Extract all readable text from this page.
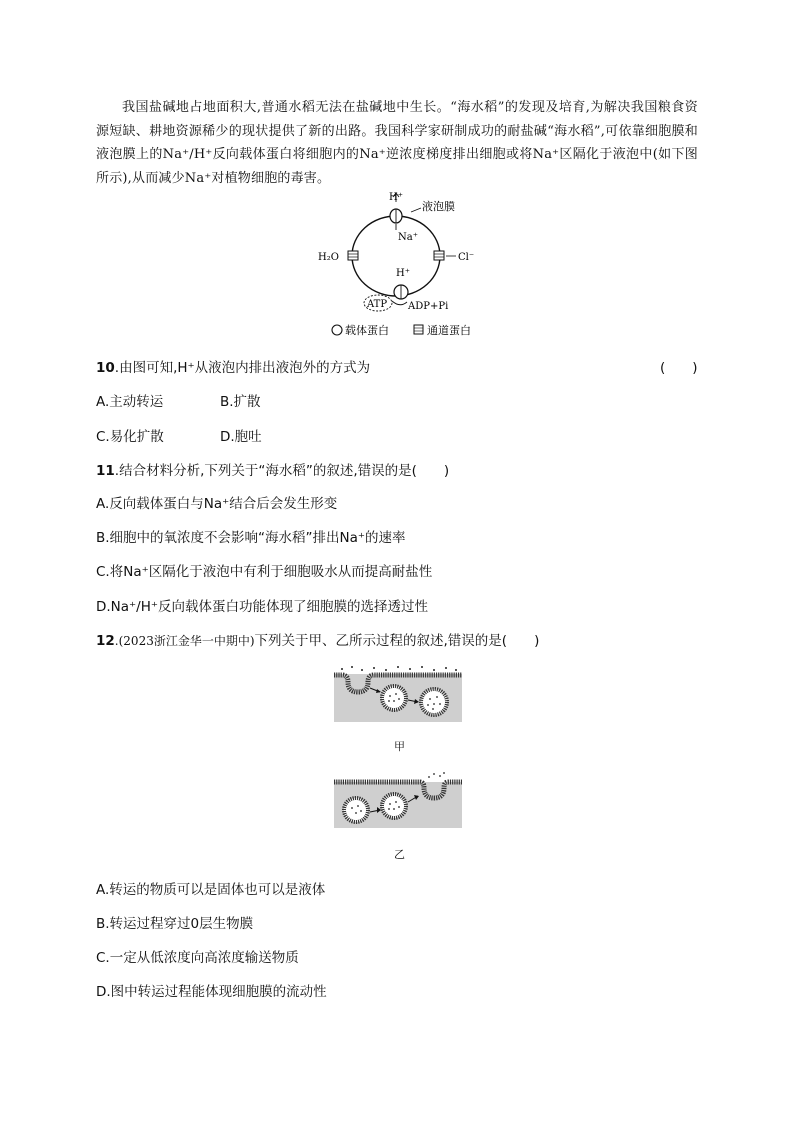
我国盐碱地占地面积大,普通水稻无法在盐碱地中生长。“海水稻”的发现及培育,为解决我国粮食资源短缺、耕地资源稀少的现状提供了新的出路。我国科学家研制成功的耐盐碱“海水稻”,可依靠细胞膜和液泡膜上的Na⁺/H⁺反向载体蛋白将细胞内的Na⁺逆浓度梯度排出细胞或将Na⁺区隔化于液泡中(如下图所示),从而减少Na⁺对植物细胞的毒害。
H⁺
Na⁺
液泡膜
H₂O	Cl⁻
H⁺
ATP ADP+Pi
载体蛋白	通道蛋白
10.由图可知,H⁺从液泡内排出液泡外的方式为	(　　)
A.主动转运	B.扩散
C.易化扩散	D.胞吐
11.结合材料分析,下列关于“海水稻”的叙述,错误的是(　　)
A.反向载体蛋白与Na⁺结合后会发生形变
B.细胞中的氧浓度不会影响“海水稻”排出Na⁺的速率
C.将Na⁺区隔化于液泡中有利于细胞吸水从而提高耐盐性
D.Na⁺/H⁺反向载体蛋白功能体现了细胞膜的选择透过性
12.(2023浙江金华一中期中)下列关于甲、乙所示过程的叙述,错误的是(　　)
甲
乙
A.转运的物质可以是固体也可以是液体
B.转运过程穿过0层生物膜
C.一定从低浓度向高浓度输送物质
D.图中转运过程能体现细胞膜的流动性
